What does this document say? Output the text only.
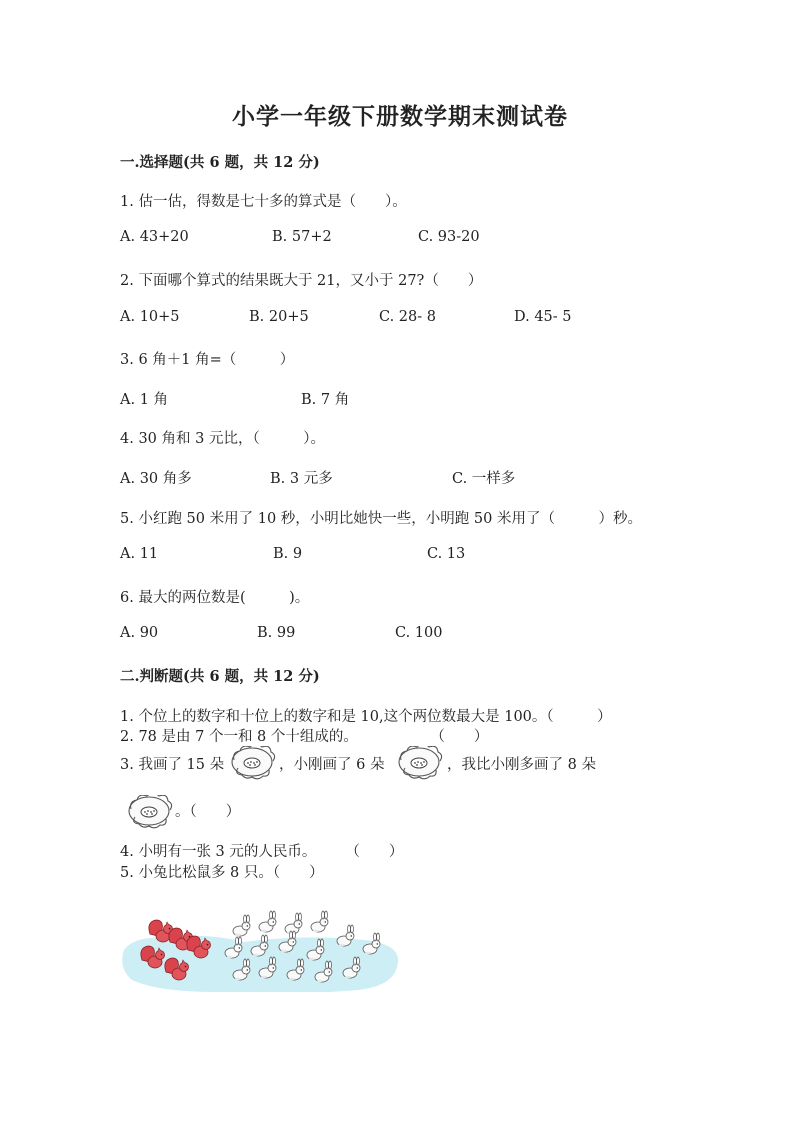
小学一年级下册数学期末测试卷
一.选择题(共 6 题，共 12 分)
1. 估一估，得数是七十多的算式是（　　）。
A. 43+20	B. 57+2	C. 93-20
2. 下面哪个算式的结果既大于 21，又小于 27?（　　）
A. 10+5	B. 20+5	C. 28- 8	D. 45- 5
3. 6 角＋1 角=（　　　）
A. 1 角	B. 7 角
4. 30 角和 3 元比，（　　　）。
A. 30 角多	B. 3 元多	C. 一样多
5. 小红跑 50 米用了 10 秒，小明比她快一些，小明跑 50 米用了（　　　）秒。
A. 11	B. 9	C. 13
6. 最大的两位数是(　　　)。
A. 90	B. 99	C. 100
二.判断题(共 6 题，共 12 分)
1. 个位上的数字和十位上的数字和是 10,这个两位数最大是 100。（　　　）
2. 78 是由 7 个一和 8 个十组成的。　　　　　　（　　）
3. 我画了 15 朵	，小刚画了 6 朵	，我比小刚多画了 8 朵
。（　　）
4. 小明有一张 3 元的人民币。　　　（　　）
5. 小兔比松鼠多 8 只。（　　）
